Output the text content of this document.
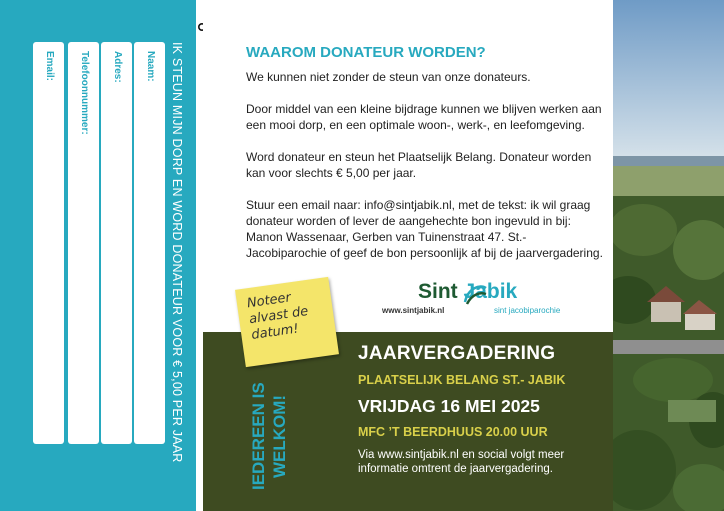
Naam:
Adres:
Telefoonnummer:
Email:	IK STEUN MIJN DORP EN WORD DONATEUR VOOR € 5,00 PER JAAR	WAAROM DONATEUR WORDEN?

We kunnen niet zonder de steun van onze donateurs.

Door middel van een kleine bijdrage kunnen we blijven werken aan een mooi dorp, en een optimale woon-, werk-, en leefomgeving.

Word donateur en steun het Plaatselijk Belang. Donateur worden kan voor slechts € 5,00 per jaar.

Stuur een email naar: info@sintjabik.nl, met de tekst: ik wil graag donateur worden of lever de aangehechte bon ingevuld in bij: Manon Wassenaar, Gerben van Tuinenstraat 47. St.-Jacobiparochie of geef de bon persoonlijk af bij de jaarvergadering.

Sint Jabik
www.sintjabik.nl	sint jacobiparochie
Noteer alvast de datum!
IEDEREEN IS WELKOM!
JAARVERGADERING
PLAATSELIJK BELANG ST.- JABIK
VRIJDAG 16 MEI 2025
MFC ’T BEERDHUUS 20.00 UUR
Via www.sintjabik.nl en social volgt meer informatie omtrent de jaarvergadering.
